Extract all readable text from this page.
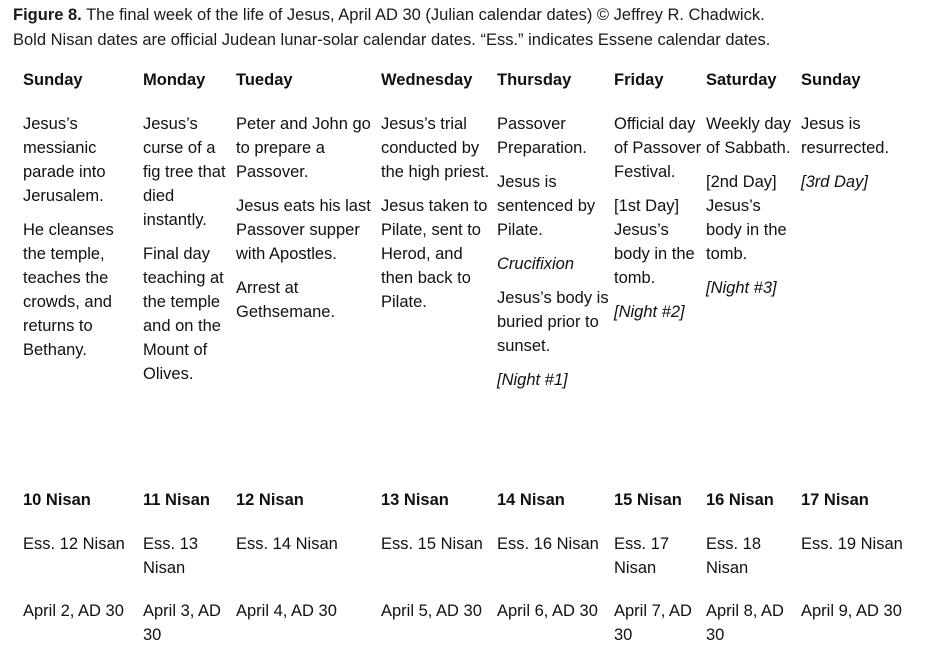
Figure 8. The final week of the life of Jesus, April AD 30 (Julian calendar dates) © Jeffrey R. Chadwick.
Bold Nisan dates are official Judean lunar-solar calendar dates. “Ess.” indicates Essene calendar dates.
Sunday

Jesus’s messianic parade into Jerusalem.

He cleanses the temple, teaches the crowds, and returns to Bethany.

10 Nisan
Ess. 12 Nisan
April 2, AD 30
Monday

Jesus’s curse of a fig tree that died instantly.

Final day teaching at the temple and on the Mount of Olives.

11 Nisan
Ess. 13 Nisan
April 3, AD 30
Tueday

Peter and John go to prepare a Passover.

Jesus eats his last Passover supper with Apostles.

Arrest at Gethsemane.

12 Nisan
Ess. 14 Nisan
April 4, AD 30
Wednesday

Jesus’s trial conducted by the high priest.

Jesus taken to Pilate, sent to Herod, and then back to Pilate.

13 Nisan
Ess. 15 Nisan
April 5, AD 30
Thursday

Passover Preparation.

Jesus is sentenced by Pilate.

Crucifixion

Jesus’s body is buried prior to sunset.

[Night #1]

14 Nisan
Ess. 16 Nisan
April 6, AD 30
Friday

Official day of Passover Festival.

[1st Day] Jesus’s body in the tomb.

[Night #2]

15 Nisan
Ess. 17 Nisan
April 7, AD 30
Saturday

Weekly day of Sabbath.

[2nd Day] Jesus’s body in the tomb.

[Night #3]

16 Nisan
Ess. 18 Nisan
April 8, AD 30
Sunday

Jesus is resurrected.

[3rd Day]

17 Nisan
Ess. 19 Nisan
April 9, AD 30
